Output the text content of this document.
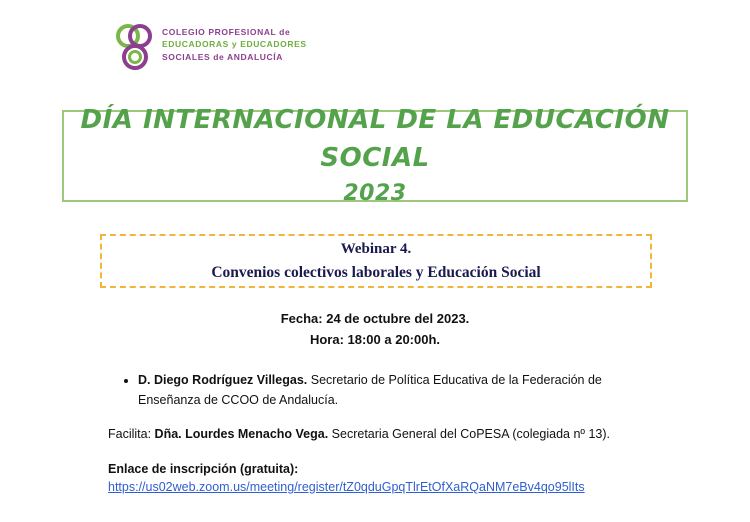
COLEGIO PROFESIONAL de
EDUCADORAS y EDUCADORES
SOCIALES de ANDALUCÍA
DÍA INTERNACIONAL DE LA EDUCACIÓN SOCIAL
2023
Webinar 4.
Convenios colectivos laborales y Educación Social
Fecha: 24 de octubre del 2023.
Hora: 18:00 a 20:00h.
• D. Diego Rodríguez Villegas. Secretario de Política Educativa de la Federación de Enseñanza de CCOO de Andalucía.
Facilita: Dña. Lourdes Menacho Vega. Secretaria General del CoPESA (colegiada nº 13).
Enlace de inscripción (gratuita):
https://us02web.zoom.us/meeting/register/tZ0qduGpqTlrEtOfXaRQaNM7eBv4qo95lIts
